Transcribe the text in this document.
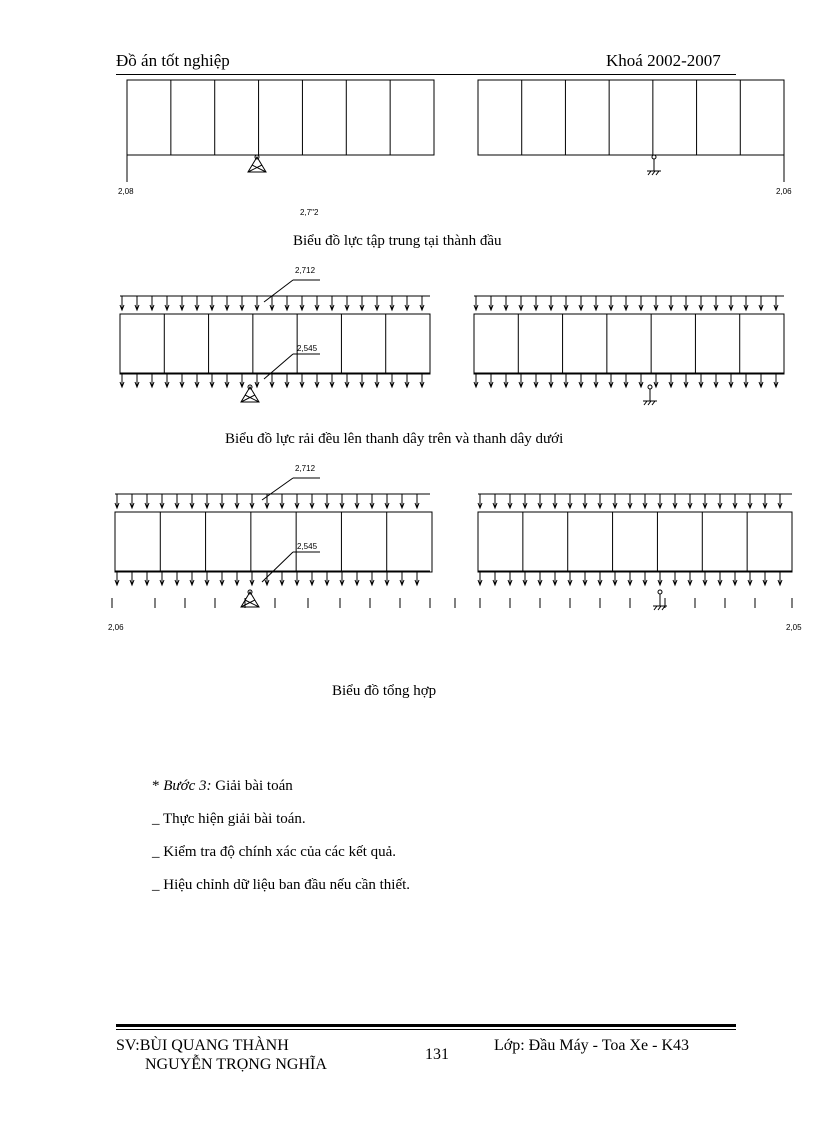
Đồ án tốt nghiệp	Khoá 2002-2007
2,08	2,06
2,7"2
Biểu đồ lực tập trung tại thành đầu
2,712
2,545
Biểu đồ lực rải đều lên thanh dây trên và thanh dây dưới
2,712
2,545
2,06	2,05
Biểu đồ tổng hợp
* Bước 3: Giải bài toán
_ Thực hiện giải bài toán.
_ Kiểm tra độ chính xác của các kết quả.
_ Hiệu chỉnh dữ liệu ban đầu nếu cần thiết.
SV:BÙI QUANG THÀNH
NGUYỄN TRỌNG NGHĨA
131
Lớp: Đầu Máy - Toa Xe - K43
